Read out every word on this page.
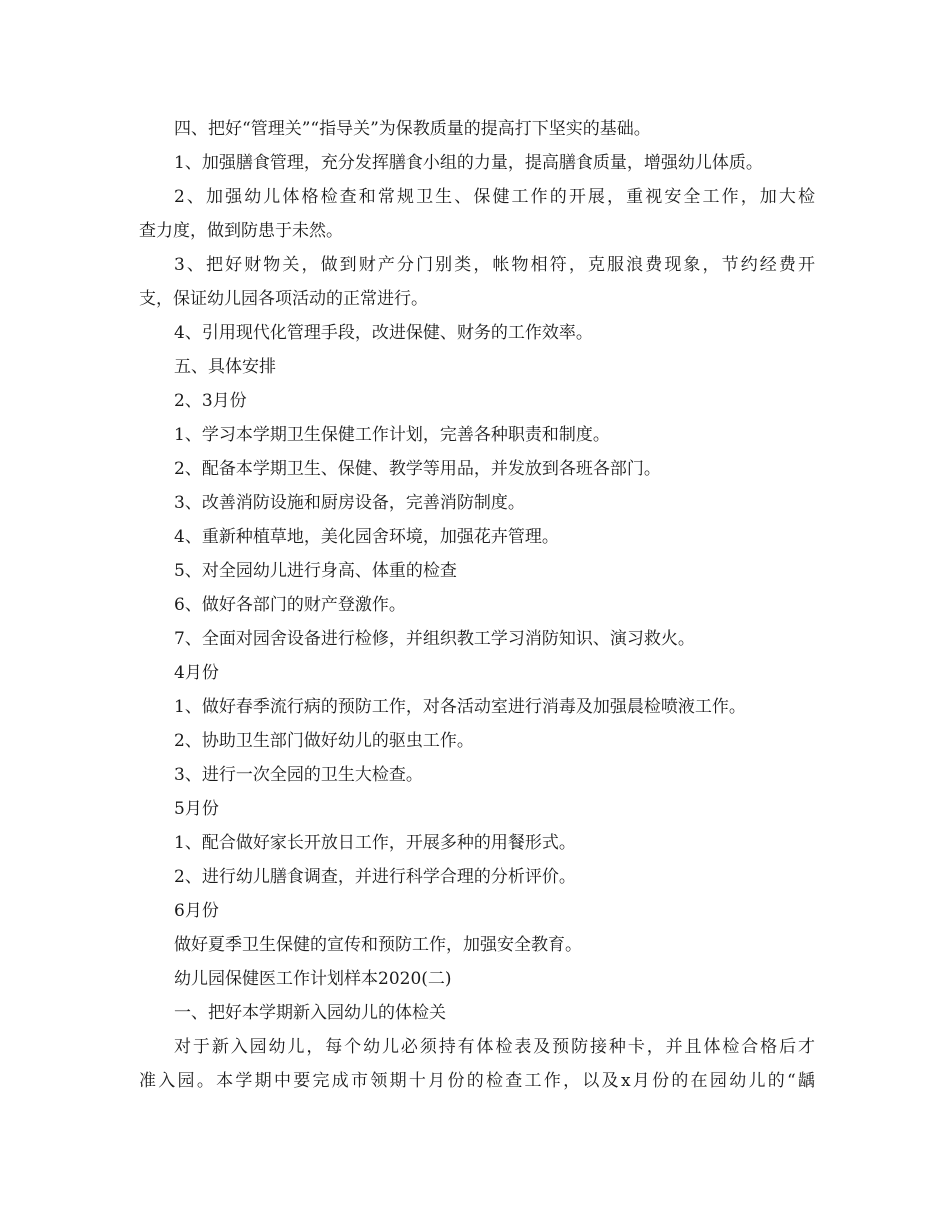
四、把好“管理关”“指导关”为保教质量的提高打下坚实的基础。
1、加强膳食管理，充分发挥膳食小组的力量，提高膳食质量，增强幼儿体质。
2、加强幼儿体格检查和常规卫生、保健工作的开展，重视安全工作，加大检
查力度，做到防患于未然。
3、把好财物关，做到财产分门别类，帐物相符，克服浪费现象，节约经费开
支，保证幼儿园各项活动的正常进行。
4、引用现代化管理手段，改进保健、财务的工作效率。
五、具体安排
2、3月份
1、学习本学期卫生保健工作计划，完善各种职责和制度。
2、配备本学期卫生、保健、教学等用品，并发放到各班各部门。
3、改善消防设施和厨房设备，完善消防制度。
4、重新种植草地，美化园舍环境，加强花卉管理。
5、对全园幼儿进行身高、体重的检查
6、做好各部门的财产登激作。
7、全面对园舍设备进行检修，并组织教工学习消防知识、演习救火。
4月份
1、做好春季流行病的预防工作，对各活动室进行消毒及加强晨检喷液工作。
2、协助卫生部门做好幼儿的驱虫工作。
3、进行一次全园的卫生大检查。
5月份
1、配合做好家长开放日工作，开展多种的用餐形式。
2、进行幼儿膳食调查，并进行科学合理的分析评价。
6月份
做好夏季卫生保健的宣传和预防工作，加强安全教育。
幼儿园保健医工作计划样本2020(二)
一、把好本学期新入园幼儿的体检关
对于新入园幼儿，每个幼儿必须持有体检表及预防接种卡，并且体检合格后才
准入园。本学期中要完成市领期十月份的检查工作，以及x月份的在园幼儿的“龋
